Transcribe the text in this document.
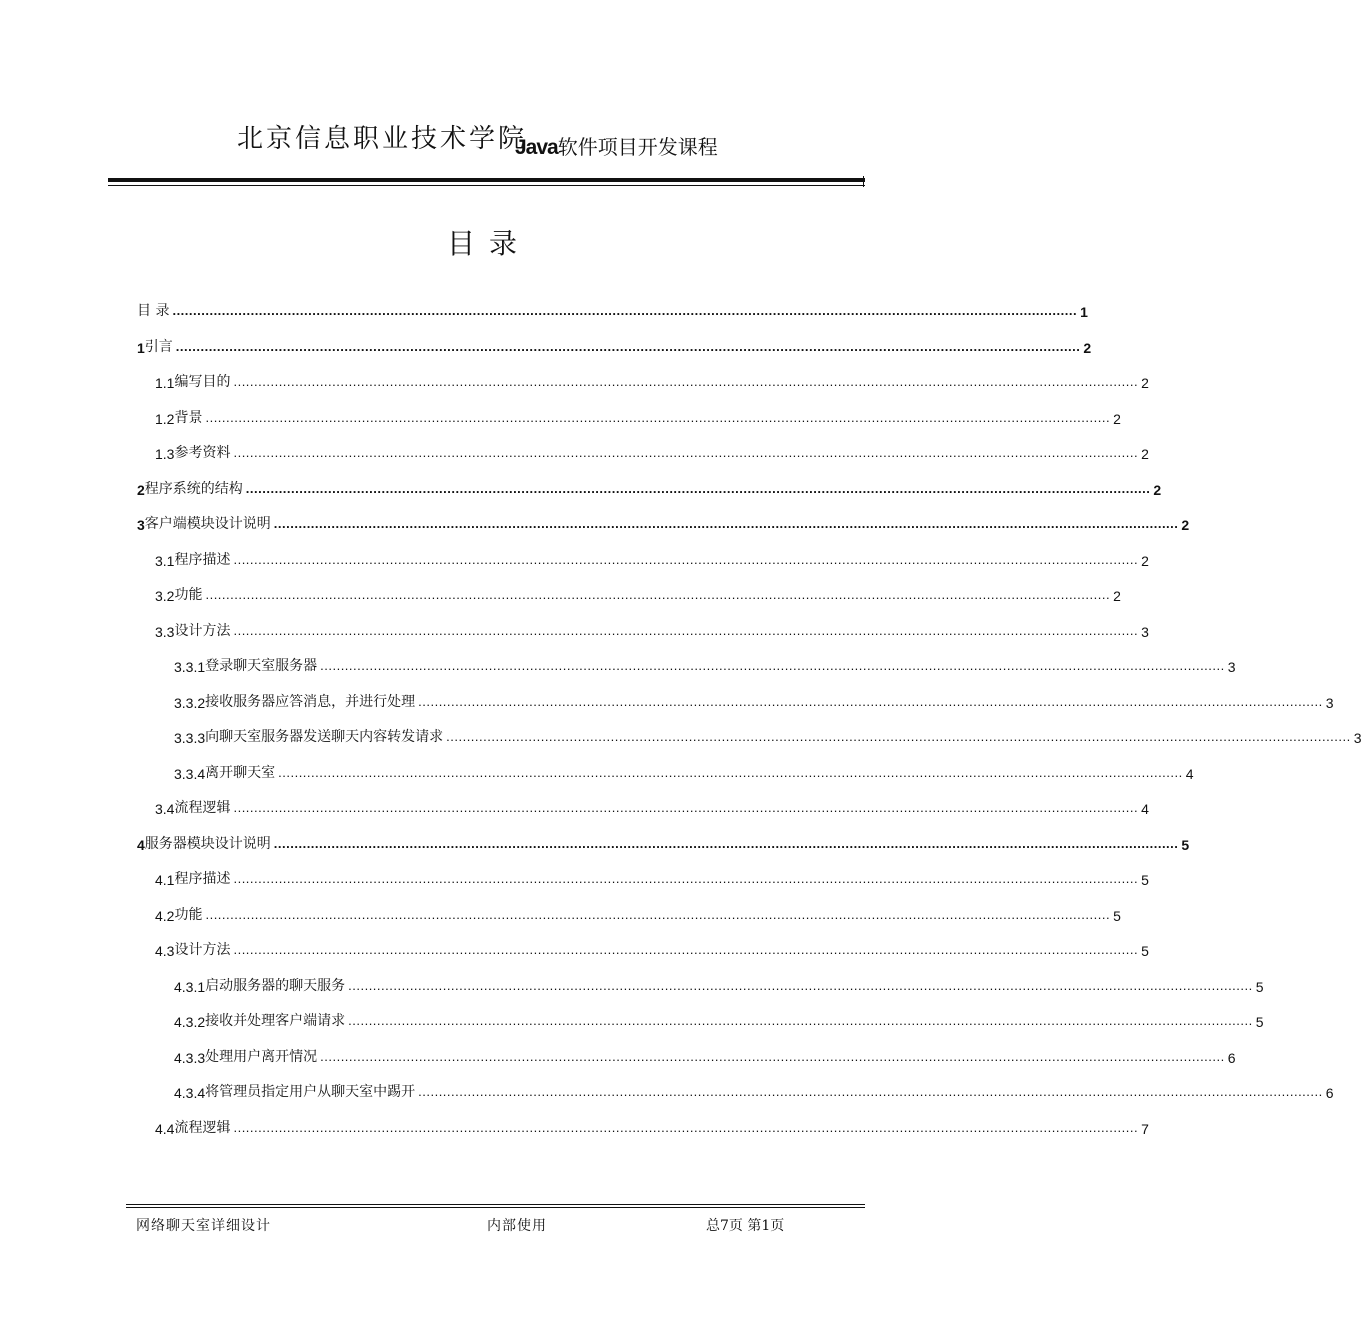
北京信息职业技术学院
Java软件项目开发课程
目录
目 录 ............................................................................................................................................................................................................................ 1
1 引言 ............................................................................................................................................................................................................................ 2
1.1 编写目的 ............................................................................................................................................................................................................................ 2
1.2 背景 ............................................................................................................................................................................................................................ 2
1.3 参考资料 ............................................................................................................................................................................................................................ 2
2 程序系统的结构 ............................................................................................................................................................................................................................ 2
3 客户端模块设计说明 ............................................................................................................................................................................................................................ 2
3.1 程序描述 ............................................................................................................................................................................................................................ 2
3.2 功能 ............................................................................................................................................................................................................................ 2
3.3 设计方法 ............................................................................................................................................................................................................................ 3
3.3.1 登录聊天室服务器 ............................................................................................................................................................................................................................ 3
3.3.2 接收服务器应答消息，并进行处理 ............................................................................................................................................................................................................................ 3
3.3.3 向聊天室服务器发送聊天内容转发请求 ............................................................................................................................................................................................................................ 3
3.3.4 离开聊天室 ............................................................................................................................................................................................................................ 4
3.4 流程逻辑 ............................................................................................................................................................................................................................ 4
4 服务器模块设计说明 ............................................................................................................................................................................................................................ 5
4.1 程序描述 ............................................................................................................................................................................................................................ 5
4.2 功能 ............................................................................................................................................................................................................................ 5
4.3 设计方法 ............................................................................................................................................................................................................................ 5
4.3.1 启动服务器的聊天服务 ............................................................................................................................................................................................................................ 5
4.3.2 接收并处理客户端请求 ............................................................................................................................................................................................................................ 5
4.3.3 处理用户离开情况 ............................................................................................................................................................................................................................ 6
4.3.4 将管理员指定用户从聊天室中踢开 ............................................................................................................................................................................................................................ 6
4.4 流程逻辑 ............................................................................................................................................................................................................................ 7
网络聊天室详细设计	内部使用	总7页 第1页
